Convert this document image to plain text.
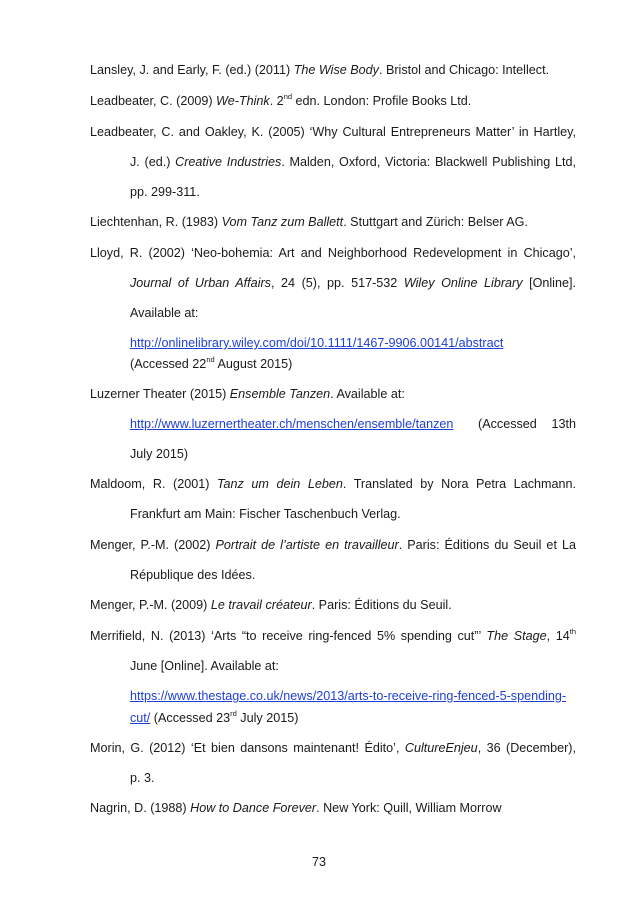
Lansley, J. and Early, F. (ed.) (2011) The Wise Body. Bristol and Chicago: Intellect.
Leadbeater, C. (2009) We-Think. 2nd edn. London: Profile Books Ltd.
Leadbeater, C. and Oakley, K. (2005) ‘Why Cultural Entrepreneurs Matter’ in Hartley,
J. (ed.) Creative Industries. Malden, Oxford, Victoria: Blackwell Publishing Ltd,
pp. 299-311.
Liechtenhan, R. (1983) Vom Tanz zum Ballett. Stuttgart and Zürich: Belser AG.
Lloyd, R. (2002) ‘Neo-bohemia: Art and Neighborhood Redevelopment in Chicago’,
Journal of Urban Affairs, 24 (5), pp. 517-532 Wiley Online Library [Online].
Available at:
http://onlinelibrary.wiley.com/doi/10.1111/1467-9906.00141/abstract
(Accessed 22nd August 2015)
Luzerner Theater (2015) Ensemble Tanzen. Available at:
http://www.luzernertheater.ch/menschen/ensemble/tanzen (Accessed 13th
July 2015)
Maldoom, R. (2001) Tanz um dein Leben. Translated by Nora Petra Lachmann.
Frankfurt am Main: Fischer Taschenbuch Verlag.
Menger, P.-M. (2002) Portrait de l’artiste en travailleur. Paris: Éditions du Seuil et La
République des Idées.
Menger, P.-M. (2009) Le travail créateur. Paris: Éditions du Seuil.
Merrifield, N. (2013) ‘Arts “to receive ring-fenced 5% spending cut”’ The Stage, 14th
June [Online]. Available at:
https://www.thestage.co.uk/news/2013/arts-to-receive-ring-fenced-5-spending-
cut/ (Accessed 23rd July 2015)
Morin, G. (2012) ‘Et bien dansons maintenant! Édito’, CultureEnjeu, 36 (December),
p. 3.
Nagrin, D. (1988) How to Dance Forever. New York: Quill, William Morrow
73
